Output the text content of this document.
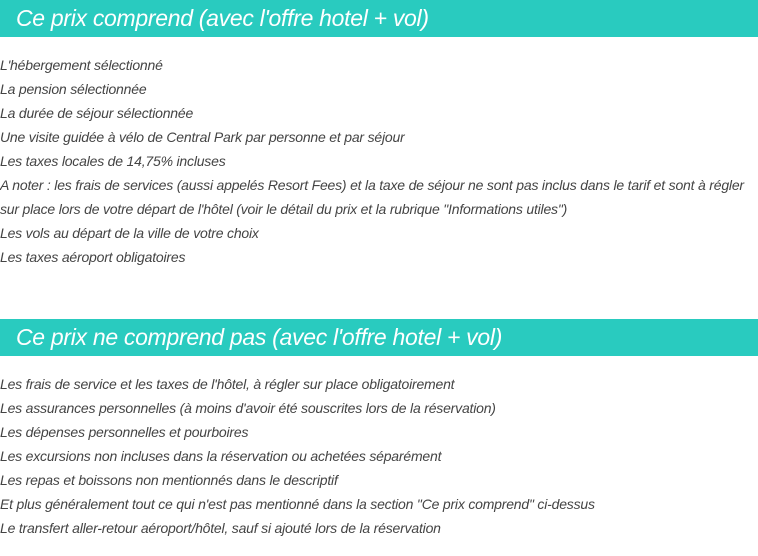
Ce prix comprend (avec l'offre hotel + vol)
L'hébergement sélectionné
La pension sélectionnée
La durée de séjour sélectionnée
Une visite guidée à vélo de Central Park par personne et par séjour
Les taxes locales de 14,75% incluses
A noter : les frais de services (aussi appelés Resort Fees) et la taxe de séjour ne sont pas inclus dans le tarif et sont à régler
sur place lors de votre départ de l'hôtel (voir le détail du prix et la rubrique "Informations utiles")
Les vols au départ de la ville de votre choix
Les taxes aéroport obligatoires
Ce prix ne comprend pas (avec l'offre hotel + vol)
Les frais de service et les taxes de l'hôtel, à régler sur place obligatoirement
Les assurances personnelles (à moins d'avoir été souscrites lors de la réservation)
Les dépenses personnelles et pourboires
Les excursions non incluses dans la réservation ou achetées séparément
Les repas et boissons non mentionnés dans le descriptif
Et plus généralement tout ce qui n'est pas mentionné dans la section "Ce prix comprend" ci-dessus
Le transfert aller-retour aéroport/hôtel, sauf si ajouté lors de la réservation
